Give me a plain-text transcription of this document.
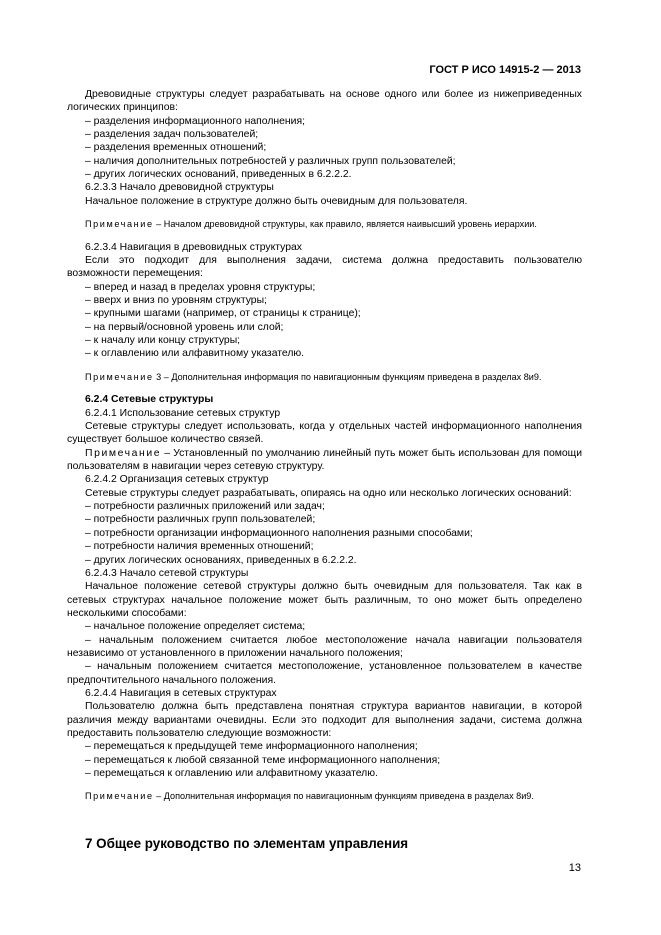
ГОСТ Р ИСО 14915-2 — 2013

Древовидные структуры следует разрабатывать на основе одного или более из нижеприведенных логических принципов:

– разделения информационного наполнения;

– разделения задач пользователей;

– разделения временных отношений;

– наличия дополнительных потребностей у различных групп пользователей;

– других логических оснований, приведенных в 6.2.2.2.

6.2.3.3 Начало древовидной структуры

Начальное положение в структуре должно быть очевидным для пользователя.

Примечание – Началом древовидной структуры, как правило, является наивысший уровень иерархии.

6.2.3.4 Навигация в древовидных структурах

Если это подходит для выполнения задачи, система должна предоставить пользователю возможности перемещения:

– вперед и назад в пределах уровня структуры;

– вверх и вниз по уровням структуры;

– крупными шагами (например, от страницы к странице);

– на первый/основной уровень или слой;

– к началу или концу структуры;

– к оглавлению или алфавитному указателю.

Примечание 3 – Дополнительная информация по навигационным функциям приведена в разделах 8и9.

6.2.4 Сетевые структуры

6.2.4.1 Использование сетевых структур

Сетевые структуры следует использовать, когда у отдельных частей информационного наполнения существует большое количество связей.

Примечание – Установленный по умолчанию линейный путь может быть использован для помощи пользователям в навигации через сетевую структуру.

6.2.4.2 Организация сетевых структур

Сетевые структуры следует разрабатывать, опираясь на одно или несколько логических оснований:

– потребности различных приложений или задач;

– потребности различных групп пользователей;

– потребности организации информационного наполнения разными способами;

– потребности наличия временных отношений;

– других логических основаниях, приведенных в 6.2.2.2.

6.2.4.3 Начало сетевой структуры

Начальное положение сетевой структуры должно быть очевидным для пользователя. Так как в сетевых структурах начальное положение может быть различным, то оно может быть определено несколькими способами:

– начальное положение определяет система;

– начальным положением считается любое местоположение начала навигации пользователя независимо от установленного в приложении начального положения;

– начальным положением считается местоположение, установленное пользователем в качестве предпочтительного начального положения.

6.2.4.4 Навигация в сетевых структурах

Пользователю должна быть представлена понятная структура вариантов навигации, в которой различия между вариантами очевидны. Если это подходит для выполнения задачи, система должна предоставить пользователю следующие возможности:

– перемещаться к предыдущей теме информационного наполнения;

– перемещаться к любой связанной теме информационного наполнения;

– перемещаться к оглавлению или алфавитному указателю.

Примечание – Дополнительная информация по навигационным функциям приведена в разделах 8и9.

7 Общее руководство по элементам управления
13
